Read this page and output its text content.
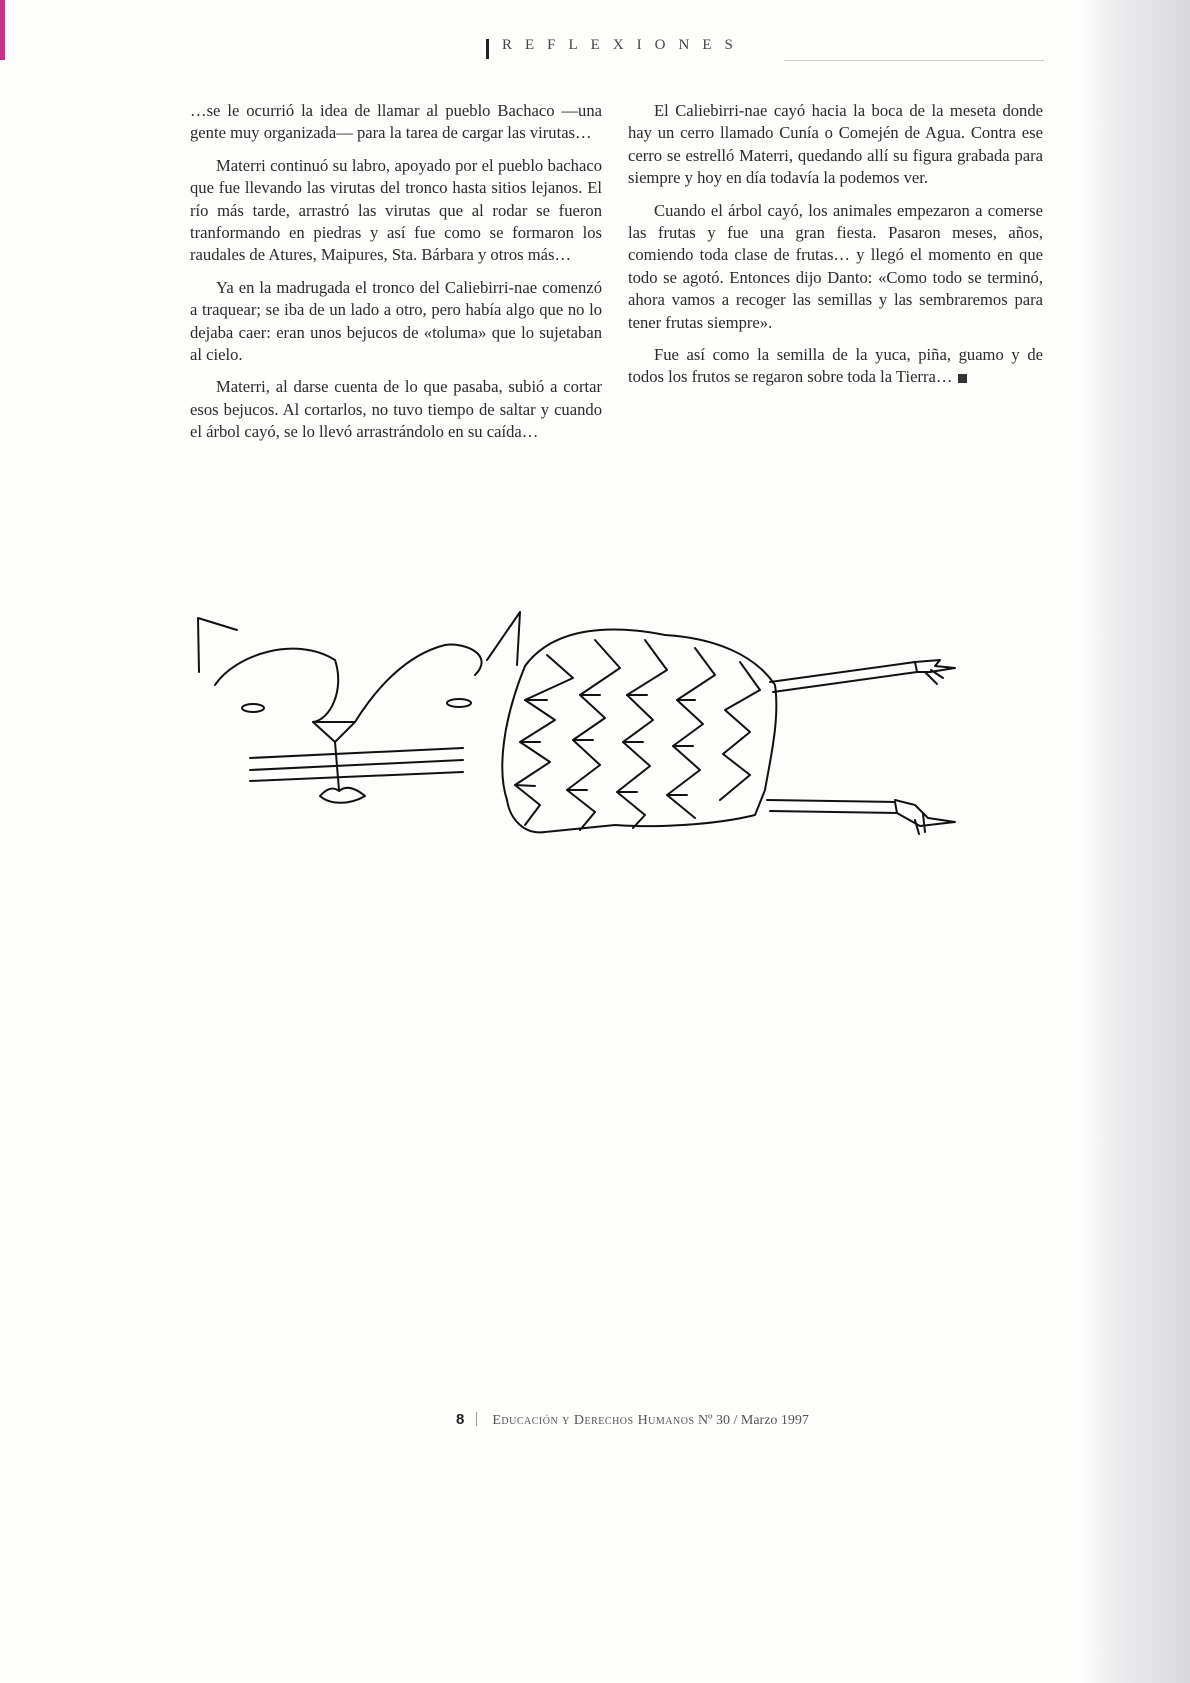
REFLEXIONES

…se le ocurrió la idea de llamar al pueblo Bachaco —una gente muy organizada— para la tarea de cargar las virutas…

Materri continuó su labro, apoyado por el pueblo bachaco que fue llevando las virutas del tronco hasta sitios lejanos. El río más tarde, arrastró las virutas que al rodar se fueron tranformando en piedras y así fue como se formaron los raudales de Atures, Maipures, Sta. Bárbara y otros más…

Ya en la madrugada el tronco del Caliebirri-nae comenzó a traquear; se iba de un lado a otro, pero había algo que no lo dejaba caer: eran unos bejucos de «toluma» que lo sujetaban al cielo.

Materri, al darse cuenta de lo que pasaba, subió a cortar esos bejucos. Al cortarlos, no tuvo tiempo de saltar y cuando el árbol cayó, se lo llevó arrastrándolo en su caída…

El Caliebirri-nae cayó hacia la boca de la meseta donde hay un cerro llamado Cunía o Comején de Agua. Contra ese cerro se estrelló Materri, quedando allí su figura grabada para siempre y hoy en día todavía la podemos ver.

Cuando el árbol cayó, los animales empezaron a comerse las frutas y fue una gran fiesta. Pasaron meses, años, comiendo toda clase de frutas… y llegó el momento en que todo se agotó. Entonces dijo Danto: «Como todo se terminó, ahora vamos a recoger las semillas y las sembraremos para tener frutas siempre».

Fue así como la semilla de la yuca, piña, guamo y de todos los frutos se regaron sobre toda la Tierra…

8 Educación y Derechos Humanos Nº 30 / Marzo 1997
